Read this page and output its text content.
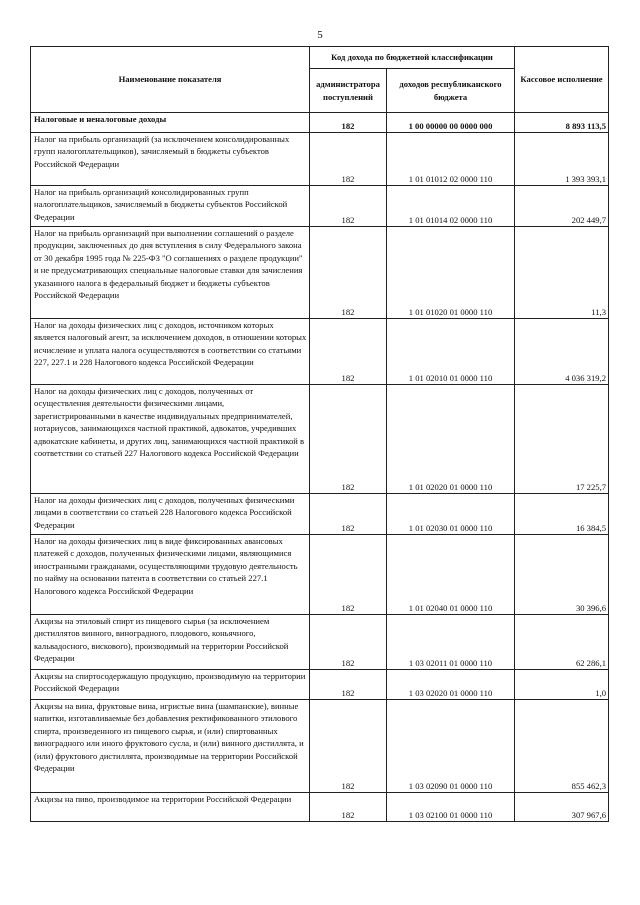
5
Наименование показателя	Код дохода по бюджетной классификации		Кассовое исполнение
	администратора поступлений	доходов республиканского бюджета	
Налоговые и неналоговые доходы	182	1 00 00000 00 0000 000	8 893 113,5
Налог на прибыль организаций (за исключением консолидированных групп налогоплательщиков), зачисляемый в бюджеты субъектов Российской Федерации	182	1 01 01012 02 0000 110	1 393 393,1
Налог на прибыль организаций консолидированных групп налогоплательщиков, зачисляемый в бюджеты субъектов Российской Федерации	182	1 01 01014 02 0000 110	202 449,7
Налог на прибыль организаций при выполнении соглашений о разделе продукции, заключенных до дня вступления в силу Федерального закона от 30 декабря 1995 года № 225-ФЗ "О соглашениях о разделе продукции" и не предусматривающих специальные налоговые ставки для зачисления указанного налога в федеральный бюджет и бюджеты субъектов Российской Федерации	182	1 01 01020 01 0000 110	11,3
Налог на доходы физических лиц с доходов, источником которых является налоговый агент, за исключением доходов, в отношении которых исчисление и уплата налога осуществляются в соответствии со статьями 227, 227.1 и 228 Налогового кодекса Российской Федерации	182	1 01 02010 01 0000 110	4 036 319,2
Налог на доходы физических лиц с доходов, полученных от осуществления деятельности физическими лицами, зарегистрированными в качестве индивидуальных предпринимателей, нотариусов, занимающихся частной практикой, адвокатов, учредивших адвокатские кабинеты, и других лиц, занимающихся частной практикой в соответствии со статьей 227 Налогового кодекса Российской Федерации	182	1 01 02020 01 0000 110	17 225,7
Налог на доходы физических лиц с доходов, полученных физическими лицами в соответствии со статьей 228 Налогового кодекса Российской Федерации	182	1 01 02030 01 0000 110	16 384,5
Налог на доходы физических лиц в виде фиксированных авансовых платежей с доходов, полученных физическими лицами, являющимися иностранными гражданами, осуществляющими трудовую деятельность по найму на основании патента в соответствии со статьей 227.1 Налогового кодекса Российской Федерации	182	1 01 02040 01 0000 110	30 396,6
Акцизы на этиловый спирт из пищевого сырья (за исключением дистиллятов винного, виноградного, плодового, коньячного, кальвадосного, вискового), производимый на территории Российской Федерации	182	1 03 02011 01 0000 110	62 286,1
Акцизы на спиртосодержащую продукцию, производимую на территории Российской Федерации	182	1 03 02020 01 0000 110	1,0
Акцизы на вина, фруктовые вина, игристые вина (шампанские), винные напитки, изготавливаемые без добавления ректификованного этилового спирта, произведенного из пищевого сырья, и (или) спиртованных виноградного или иного фруктового сусла, и (или) винного дистиллята, и (или) фруктового дистиллята, производимые на территории Российской Федерации	182	1 03 02090 01 0000 110	855 462,3
Акцизы на пиво, производимое на территории Российской Федерации	182	1 03 02100 01 0000 110	307 967,6
